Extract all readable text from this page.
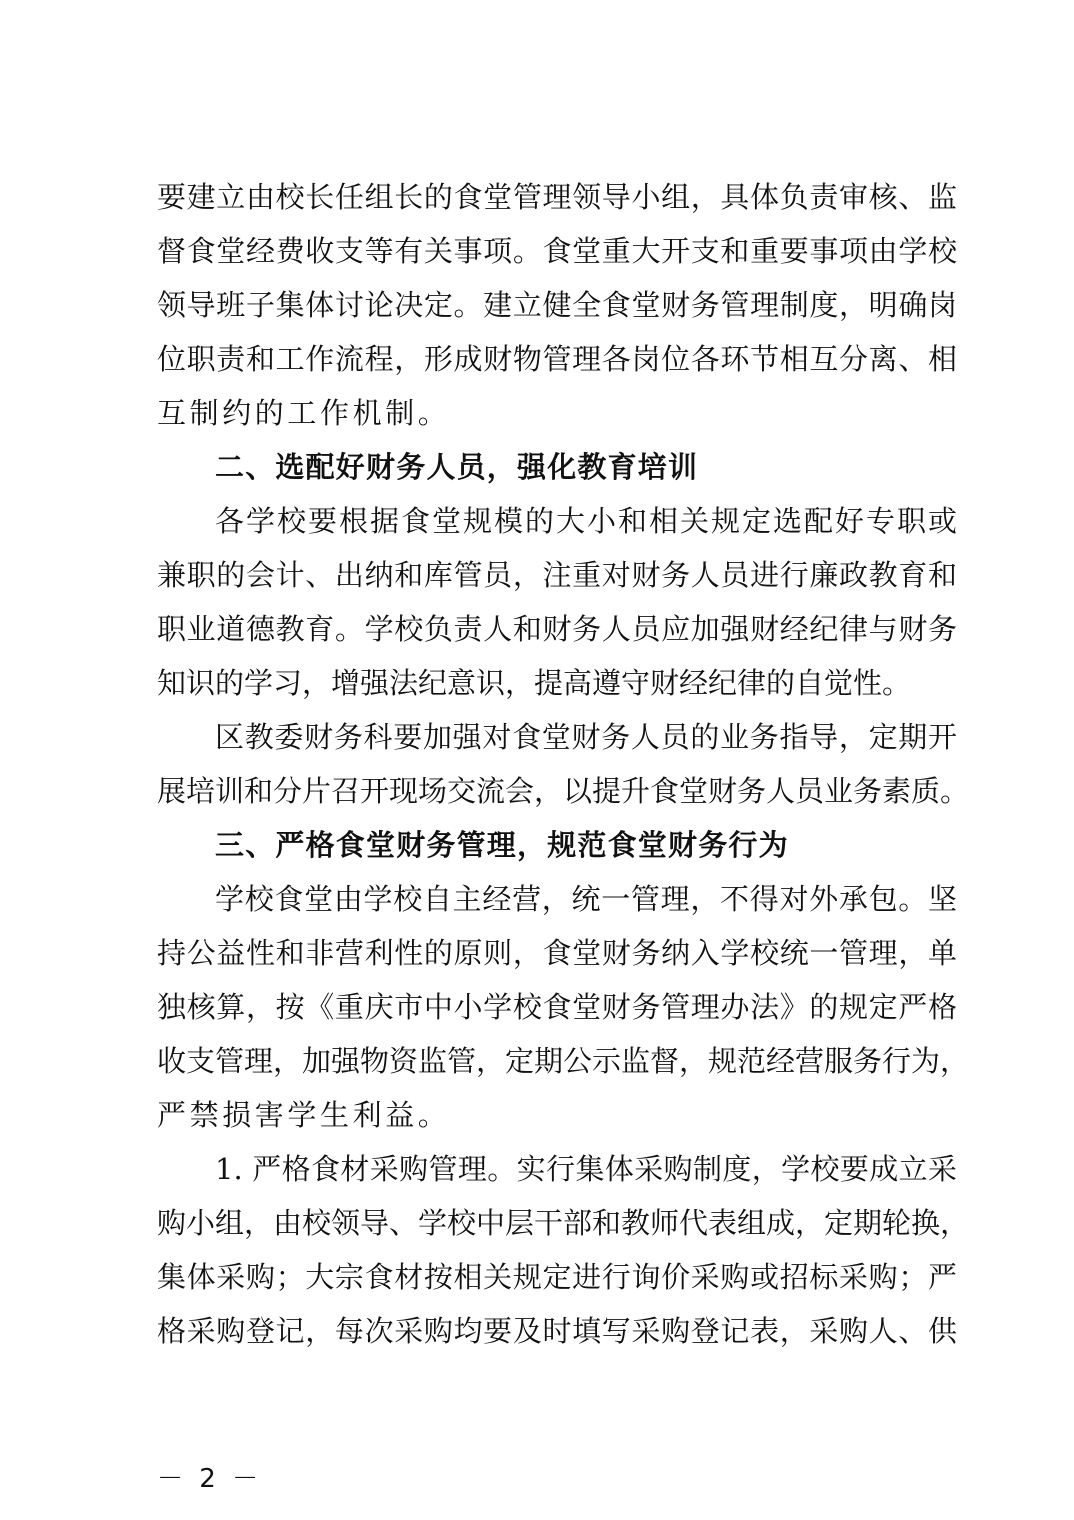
要建立由校长任组长的食堂管理领导小组，具体负责审核、监
督食堂经费收支等有关事项。食堂重大开支和重要事项由学校
领导班子集体讨论决定。建立健全食堂财务管理制度，明确岗
位职责和工作流程，形成财物管理各岗位各环节相互分离、相
互制约的工作机制。
二、选配好财务人员，强化教育培训
各学校要根据食堂规模的大小和相关规定选配好专职或
兼职的会计、出纳和库管员，注重对财务人员进行廉政教育和
职业道德教育。学校负责人和财务人员应加强财经纪律与财务
知识的学习，增强法纪意识，提高遵守财经纪律的自觉性。
区教委财务科要加强对食堂财务人员的业务指导，定期开
展培训和分片召开现场交流会，以提升食堂财务人员业务素质。
三、严格食堂财务管理，规范食堂财务行为
学校食堂由学校自主经营，统一管理，不得对外承包。坚
持公益性和非营利性的原则，食堂财务纳入学校统一管理，单
独核算，按《重庆市中小学校食堂财务管理办法》的规定严格
收支管理，加强物资监管，定期公示监督，规范经营服务行为，
严禁损害学生利益。
1. 严格食材采购管理。实行集体采购制度，学校要成立采
购小组，由校领导、学校中层干部和教师代表组成，定期轮换，
集体采购；大宗食材按相关规定进行询价采购或招标采购；严
格采购登记，每次采购均要及时填写采购登记表，采购人、供
－ 2 －
